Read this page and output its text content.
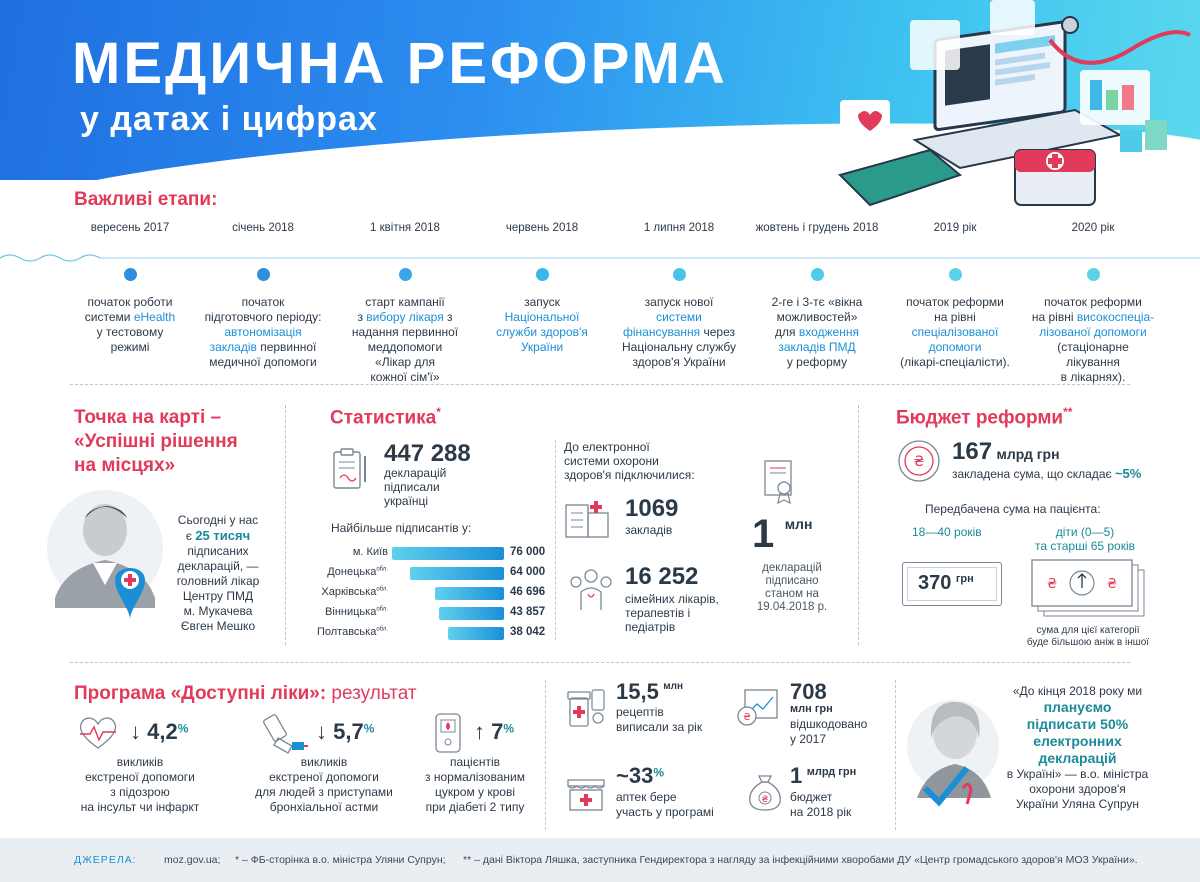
МЕДИЧНА РЕФОРМА
у датах і цифрах
Важливі етапи:
вересень 2017
початок роботи
системи eHealth
у тестовому
режимі
січень 2018
початок
підготовчого періоду:
автономізація
закладів первинної
медичної допомоги
1 квітня 2018
старт кампанії
з вибору лікаря з
надання первинної
меддопомоги
«Лікар для
кожної сім'ї»
червень 2018
запуск
Національної
служби здоров'я
України
1 липня 2018
запуск нової
системи
фінансування через
Національну службу
здоров'я України
жовтень і грудень 2018
2-ге і 3-тє «вікна
можливостей»
для входження
закладів ПМД
у реформу
2019 рік
початок реформи
на рівні
спеціалізованої
допомоги
(лікарі-спеціалісти).
2020 рік
початок реформи
на рівні високоспеціа-
лізованої допомоги
(стаціонарне
лікування
в лікарнях).
Точка на карті –
«Успішні рішення
на місцях»
Сьогодні у нас
є 25 тисяч
підписаних
декларацій, —
головний лікар
Центру ПМД
м. Мукачева
Євген Мешко
Статистика*
447 288
декларацій
підписали
українці
Найбільше підписантів у:
м. Київ	76 000
Донецька$^{обл.}$	64 000
Харківська$^{обл.}$	46 696
Вінницька$^{обл.}$	43 857
Полтавська$^{обл.}$	38 042
До електронної
системи охорони
здоров'я підключилися:
1069
закладів
16 252
сімейних лікарів,
терапевтів і
педіатрів
1 млн
декларацій
підписано
станом на
19.04.2018 р.
Бюджет реформи**
₴ 167 млрд грн
закладена сума, що складає ~5%
Передбачена сума на пацієнта:
18—40 років	діти (0—5)
та старші 65 років
370 $^{грн}$	₴	₴
сума для цієї категорії
буде більшою аніж в іншої
Програма «Доступні ліки»: результат
↓ 4,2%
викликів
екстреної допомоги
з підозрою
на інсульт чи інфаркт
↓ 5,7%
викликів
екстреної допомоги
для людей з приступами
бронхіальної астми
↑ 7%
пацієнтів
з нормалізованим
цукром у крові
при діабеті 2 типу
15,5 $^{млн}$
рецептів
виписали за рік
~33%
аптек бере
участь у програмі
₴
708
млн грн
відшкодовано
у 2017
₴
1 $^{млрд грн}$
бюджет
на 2018 рік
«До кінця 2018 року ми
плануємо
підписати 50%
електронних
декларацій
в Україні» — в.о. міністра
охорони здоров'я
України Уляна Супрун
ДЖЕРЕЛА:	moz.gov.ua; * – ФБ-сторінка в.о. міністра Уляни Супрун; ** – дані Віктора Ляшка, заступника Гендиректора з нагляду за інфекційними хворобами ДУ «Центр громадського здоров'я МОЗ України».
